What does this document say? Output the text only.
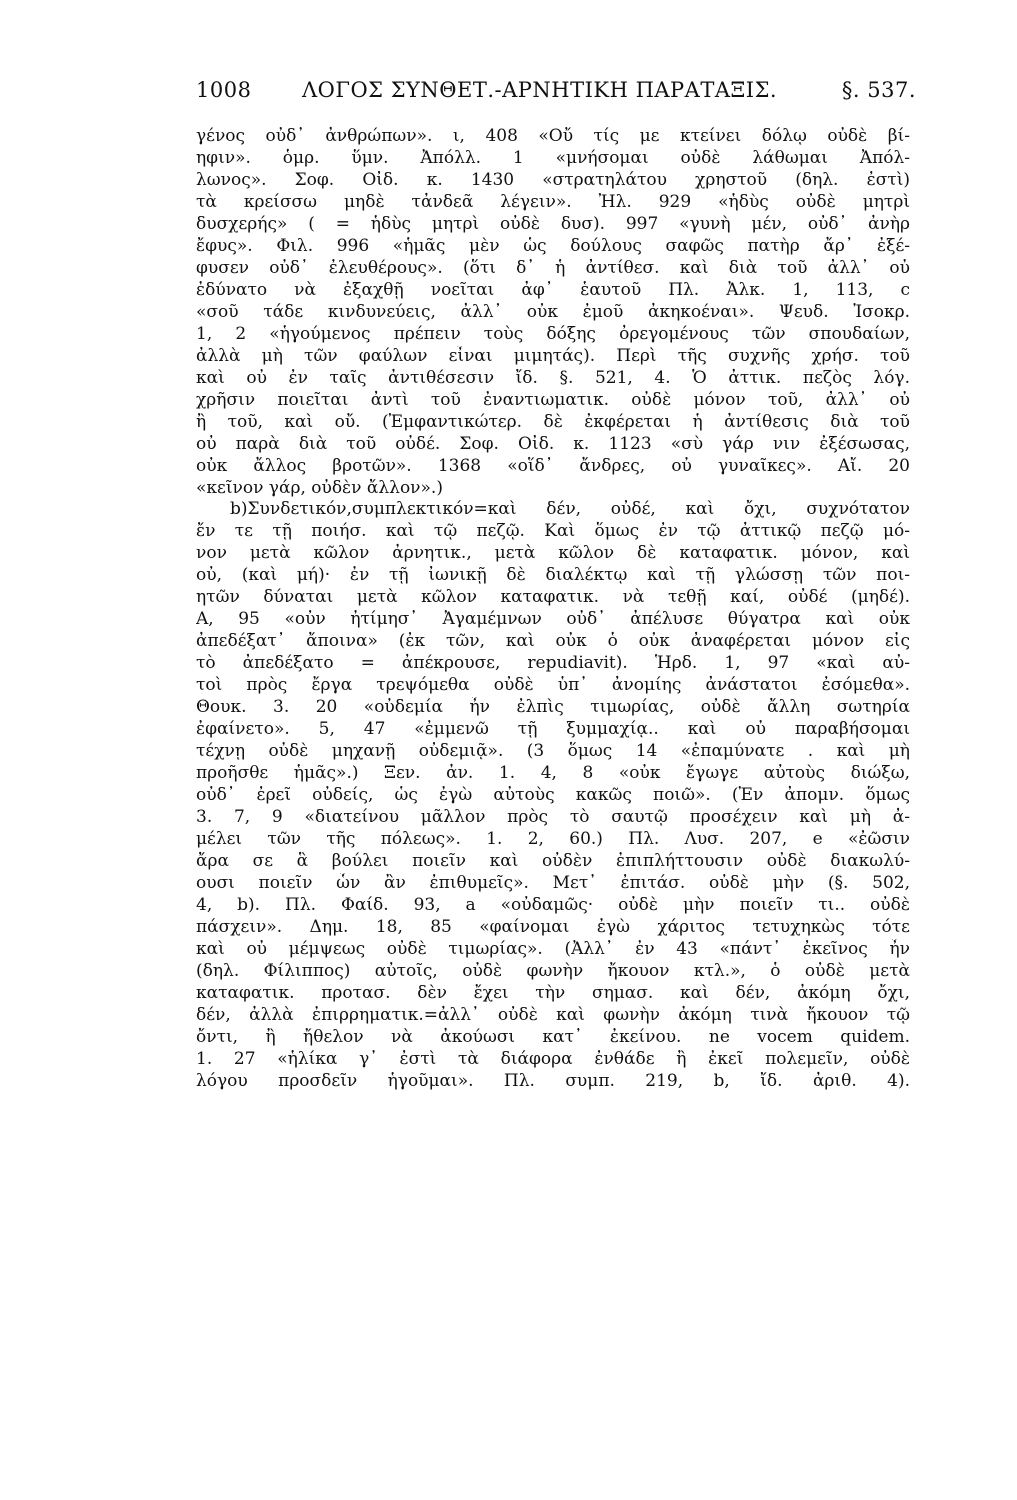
1008 ΛΟΓΟΣ ΣΥΝΘΕΤ.-ΑΡΝΗΤΙΚΗ ΠΑΡΑΤΑΞΙΣ.	§. 537.
γένος οὐδ᾽ ἀνθρώπων». ι, 408 «Οὔ τίς με κτείνει δόλῳ οὐδὲ βί-
ηφιν». ὁμρ. ὕμν. Ἀπόλλ. 1 «μνήσομαι οὐδὲ λάθωμαι Ἀπόλ-
λωνος». Σοφ. Οἰδ. κ. 1430 «στρατηλάτου χρηστοῦ (δηλ. ἐστὶ)
τὰ κρείσσω μηδὲ τἀνδεᾶ λέγειν». Ἠλ. 929 «ἡδὺς οὐδὲ μητρὶ
δυσχερής» ( = ἡδὺς μητρὶ οὐδὲ δυσ). 997 «γυνὴ μέν, οὐδ᾽ ἀνὴρ
ἔφυς». Φιλ. 996 «ἡμᾶς μὲν ὡς δούλους σαφῶς πατὴρ ἄρ᾽ ἐξέ-
φυσεν οὐδ᾽ ἐλευθέρους». (ὅτι δ᾽ ἡ ἀντίθεσ. καὶ διὰ τοῦ ἀλλ᾽ οὐ
ἐδύνατο νὰ ἐξαχθῇ νοεῖται ἀφ᾽ ἑαυτοῦ Πλ. Ἀλκ. 1, 113, c
«σοῦ τάδε κινδυνεύεις, ἀλλ᾽ οὐκ ἐμοῦ ἀκηκοέναι». Ψευδ. Ἰσοκρ.
1, 2 «ἡγούμενος πρέπειν τοὺς δόξης ὀρεγομένους τῶν σπουδαίων,
ἀλλὰ μὴ τῶν φαύλων εἶναι μιμητάς). Περὶ τῆς συχνῆς χρήσ. τοῦ
καὶ οὐ ἐν ταῖς ἀντιθέσεσιν ἴδ. §. 521, 4. Ὁ ἀττικ. πεζὸς λόγ.
χρῆσιν ποιεῖται ἀντὶ τοῦ ἐναντιωματικ. οὐδὲ μόνον τοῦ, ἀλλ᾽ οὐ
ἢ τοῦ, καὶ οὔ. (Ἐμφαντικώτερ. δὲ ἐκφέρεται ἡ ἀντίθεσις διὰ τοῦ
οὐ παρὰ διὰ τοῦ οὐδέ. Σοφ. Οἰδ. κ. 1123 «σὺ γάρ νιν ἐξέσωσας,
οὐκ ἄλλος βροτῶν». 1368 «οἵδ᾽ ἄνδρες, οὐ γυναῖκες». Αἴ. 20
«κεῖνον γάρ, οὐδὲν ἄλλον».)
b)Συνδετικόν,συμπλεκτικόν=καὶ δέν, οὐδέ, καὶ ὄχι, συχνότατον
ἔν τε τῇ ποιήσ. καὶ τῷ πεζῷ. Καὶ ὅμως ἐν τῷ ἀττικῷ πεζῷ μό-
νον μετὰ κῶλον ἀρνητικ., μετὰ κῶλον δὲ καταφατικ. μόνον, καὶ
οὐ, (καὶ μή)· ἐν τῇ ἰωνικῇ δὲ διαλέκτῳ καὶ τῇ γλώσσῃ τῶν ποι-
ητῶν δύναται μετὰ κῶλον καταφατικ. νὰ τεθῇ καί, οὐδέ (μηδέ).
Α, 95 «οὐν ἠτίμησ᾽ Ἀγαμέμνων οὐδ᾽ ἀπέλυσε θύγατρα καὶ οὐκ
ἀπεδέξατ᾽ ἄποινα» (ἐκ τῶν, καὶ οὐκ ὁ οὐκ ἀναφέρεται μόνον εἰς
τὸ ἀπεδέξατο = ἀπέκρουσε, repudiavit). Ἡρδ. 1, 97 «καὶ αὐ-
τοὶ πρὸς ἔργα τρεψόμεθα οὐδὲ ὑπ᾽ ἀνομίης ἀνάστατοι ἐσόμεθα».
Θουκ. 3. 20 «οὐδεμία ἦν ἐλπὶς τιμωρίας, οὐδὲ ἄλλη σωτηρία
ἐφαίνετο». 5, 47 «ἐμμενῶ τῇ ξυμμαχίᾳ.. καὶ οὐ παραβήσομαι
τέχνῃ οὐδὲ μηχανῇ οὐδεμιᾷ». (3 ὅμως 14 «ἐπαμύνατε . καὶ μὴ
προῆσθε ἡμᾶς».) Ξεν. ἀν. 1. 4, 8 «οὐκ ἔγωγε αὐτοὺς διώξω,
οὐδ᾽ ἐρεῖ οὐδείς, ὡς ἐγὼ αὐτοὺς κακῶς ποιῶ». (Ἐν ἀπομν. ὅμως
3. 7, 9 «διατείνου μᾶλλον πρὸς τὸ σαυτῷ προσέχειν καὶ μὴ ἀ-
μέλει τῶν τῆς πόλεως». 1. 2, 60.) Πλ. Λυσ. 207, e «ἐῶσιν
ἄρα σε ἃ βούλει ποιεῖν καὶ οὐδὲν ἐπιπλήττουσιν οὐδὲ διακωλύ-
ουσι ποιεῖν ὧν ἂν ἐπιθυμεῖς». Μετ᾽ ἐπιτάσ. οὐδὲ μὴν (§. 502,
4, b). Πλ. Φαίδ. 93, a «οὐδαμῶς· οὐδὲ μὴν ποιεῖν τι.. οὐδὲ
πάσχειν». Δημ. 18, 85 «φαίνομαι ἐγὼ χάριτος τετυχηκὼς τότε
καὶ οὐ μέμψεως οὐδὲ τιμωρίας». (Ἀλλ᾽ ἐν 43 «πάντ᾽ ἐκεῖνος ἦν
(δηλ. Φίλιππος) αὐτοῖς, οὐδὲ φωνὴν ἤκουον κτλ.», ὁ οὐδὲ μετὰ
καταφατικ. προτασ. δὲν ἔχει τὴν σημασ. καὶ δέν, ἀκόμη ὄχι,
δέν, ἀλλὰ ἐπιρρηματικ.=ἀλλ᾽ οὐδὲ καὶ φωνὴν ἀκόμη τινὰ ἤκουον τῷ
ὄντι, ἢ ἤθελον νὰ ἀκούωσι κατ᾽ ἐκείνου. ne vocem quidem.
1. 27 «ἡλίκα γ᾽ ἐστὶ τὰ διάφορα ἐνθάδε ἢ ἐκεῖ πολεμεῖν, οὐδὲ
λόγου προσδεῖν ἡγοῦμαι». Πλ. συμπ. 219, b, ἴδ. ἀριθ. 4).
